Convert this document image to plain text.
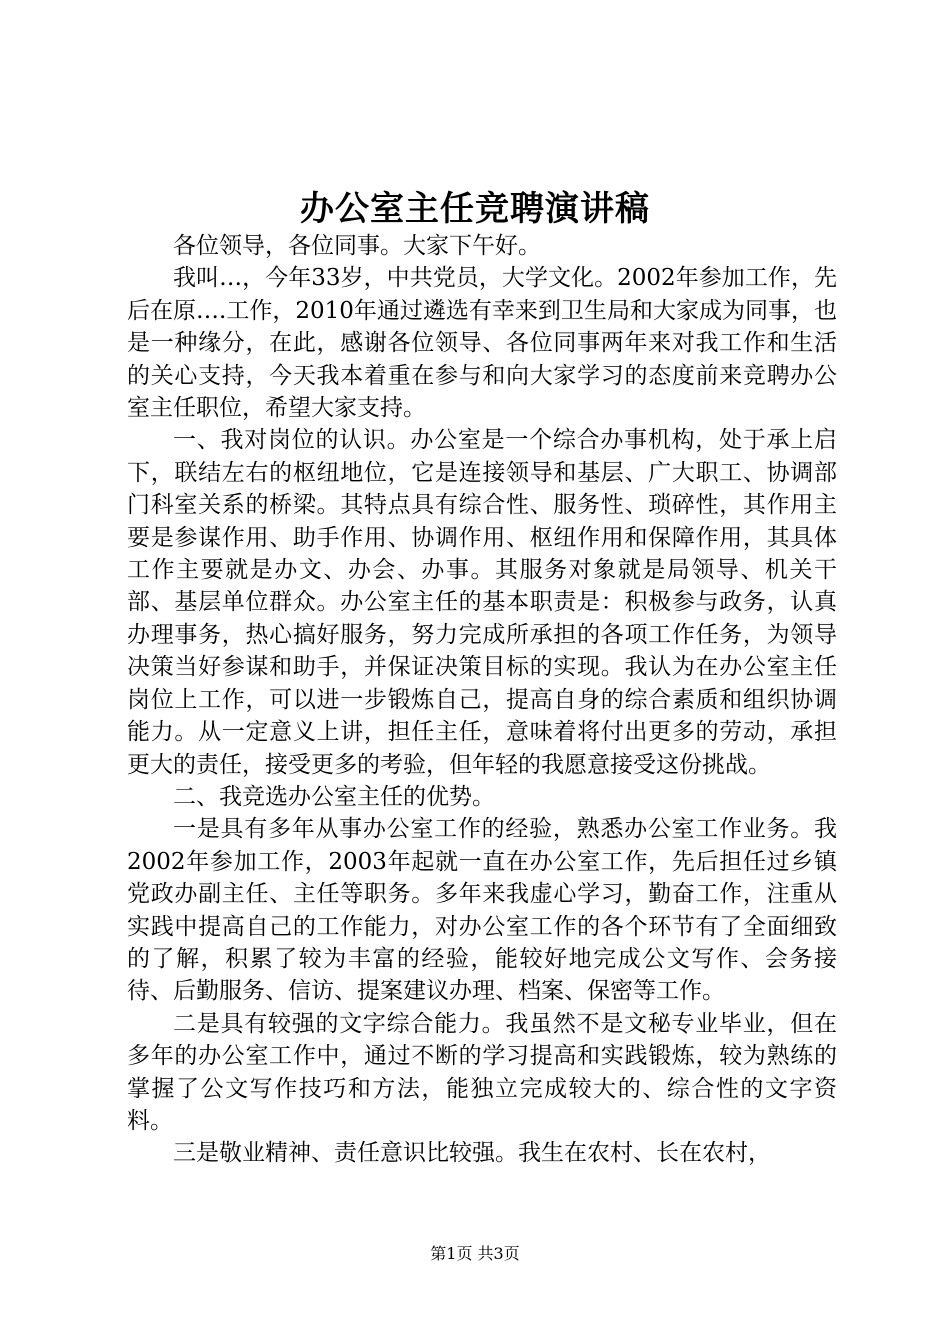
办公室主任竞聘演讲稿

各位领导，各位同事。大家下午好。

我叫…，今年33岁，中共党员，大学文化。2002年参加工作，先后在原….工作，2010年通过遴选有幸来到卫生局和大家成为同事，也是一种缘分，在此，感谢各位领导、各位同事两年来对我工作和生活的关心支持，今天我本着重在参与和向大家学习的态度前来竞聘办公室主任职位，希望大家支持。

一、我对岗位的认识。办公室是一个综合办事机构，处于承上启下，联结左右的枢纽地位，它是连接领导和基层、广大职工、协调部门科室关系的桥梁。其特点具有综合性、服务性、琐碎性，其作用主要是参谋作用、助手作用、协调作用、枢纽作用和保障作用，其具体工作主要就是办文、办会、办事。其服务对象就是局领导、机关干部、基层单位群众。办公室主任的基本职责是：积极参与政务，认真办理事务，热心搞好服务，努力完成所承担的各项工作任务，为领导决策当好参谋和助手，并保证决策目标的实现。我认为在办公室主任岗位上工作，可以进一步锻炼自己，提高自身的综合素质和组织协调能力。从一定意义上讲，担任主任，意味着将付出更多的劳动，承担更大的责任，接受更多的考验，但年轻的我愿意接受这份挑战。

二、我竞选办公室主任的优势。

一是具有多年从事办公室工作的经验，熟悉办公室工作业务。我2002年参加工作，2003年起就一直在办公室工作，先后担任过乡镇党政办副主任、主任等职务。多年来我虚心学习，勤奋工作，注重从实践中提高自己的工作能力，对办公室工作的各个环节有了全面细致的了解，积累了较为丰富的经验，能较好地完成公文写作、会务接待、后勤服务、信访、提案建议办理、档案、保密等工作。

二是具有较强的文字综合能力。我虽然不是文秘专业毕业，但在多年的办公室工作中，通过不断的学习提高和实践锻炼，较为熟练的掌握了公文写作技巧和方法，能独立完成较大的、综合性的文字资料。

三是敬业精神、责任意识比较强。我生在农村、长在农村，

第1页 共3页
